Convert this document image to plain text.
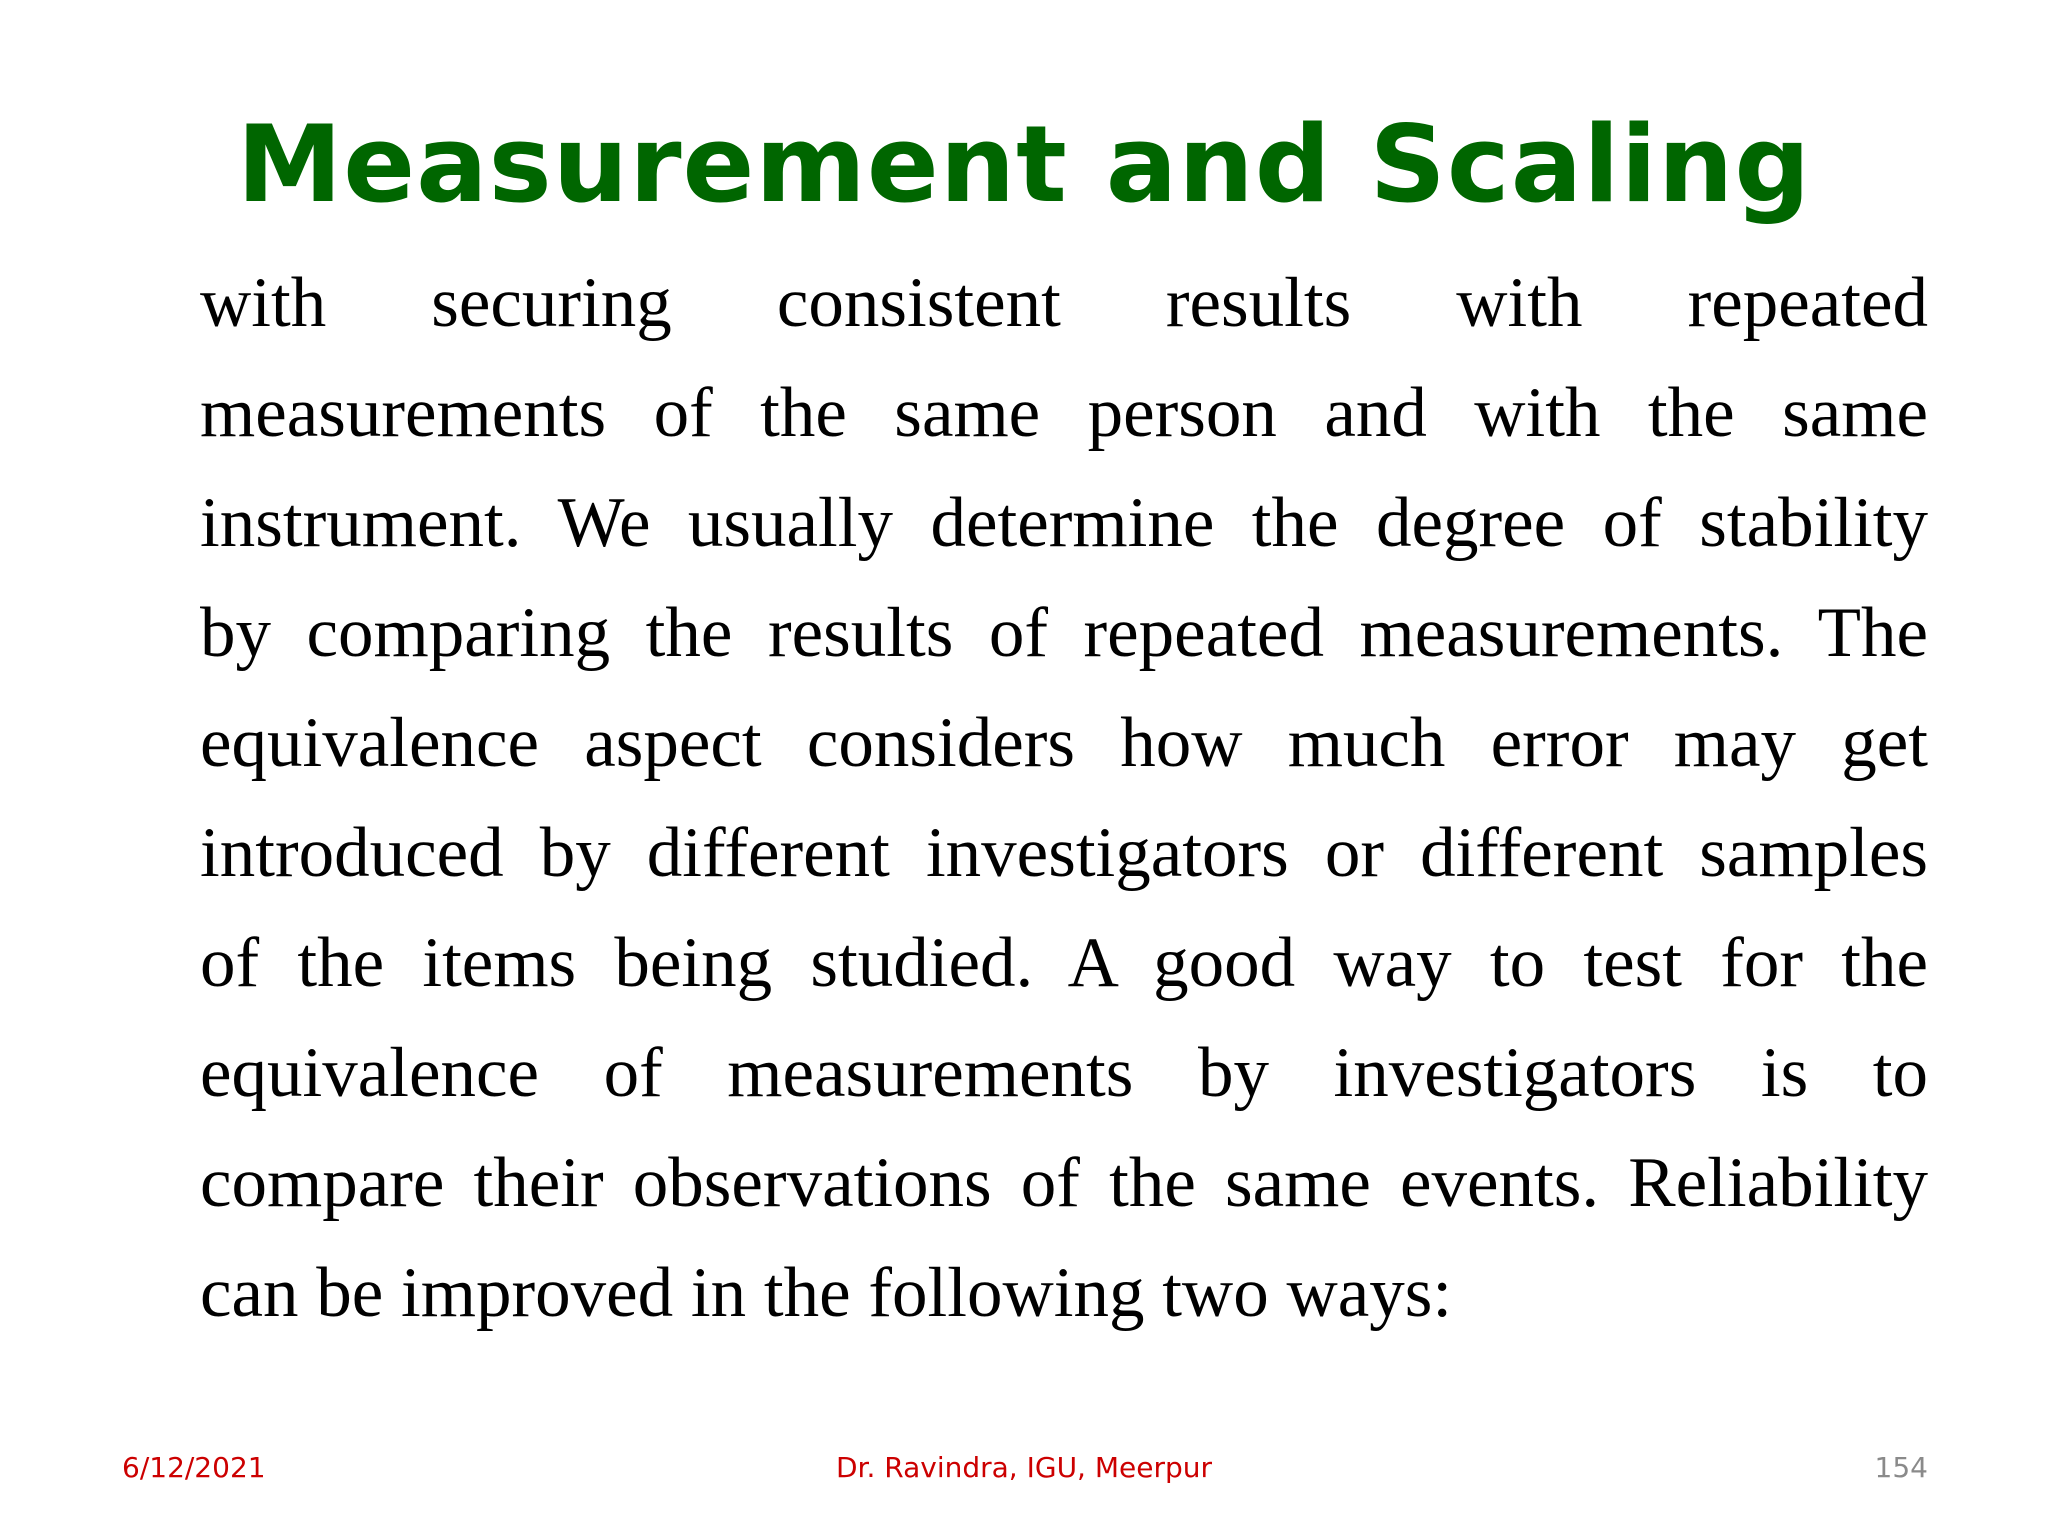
Measurement and Scaling
with securing consistent results with repeated
measurements of the same person and with the same
instrument. We usually determine the degree of stability
by comparing the results of repeated measurements. The
equivalence aspect considers how much error may get
introduced by different investigators or different samples
of the items being studied. A good way to test for the
equivalence of measurements by investigators is to
compare their observations of the same events. Reliability
can be improved in the following two ways:
6/12/2021	Dr. Ravindra, IGU, Meerpur	154
